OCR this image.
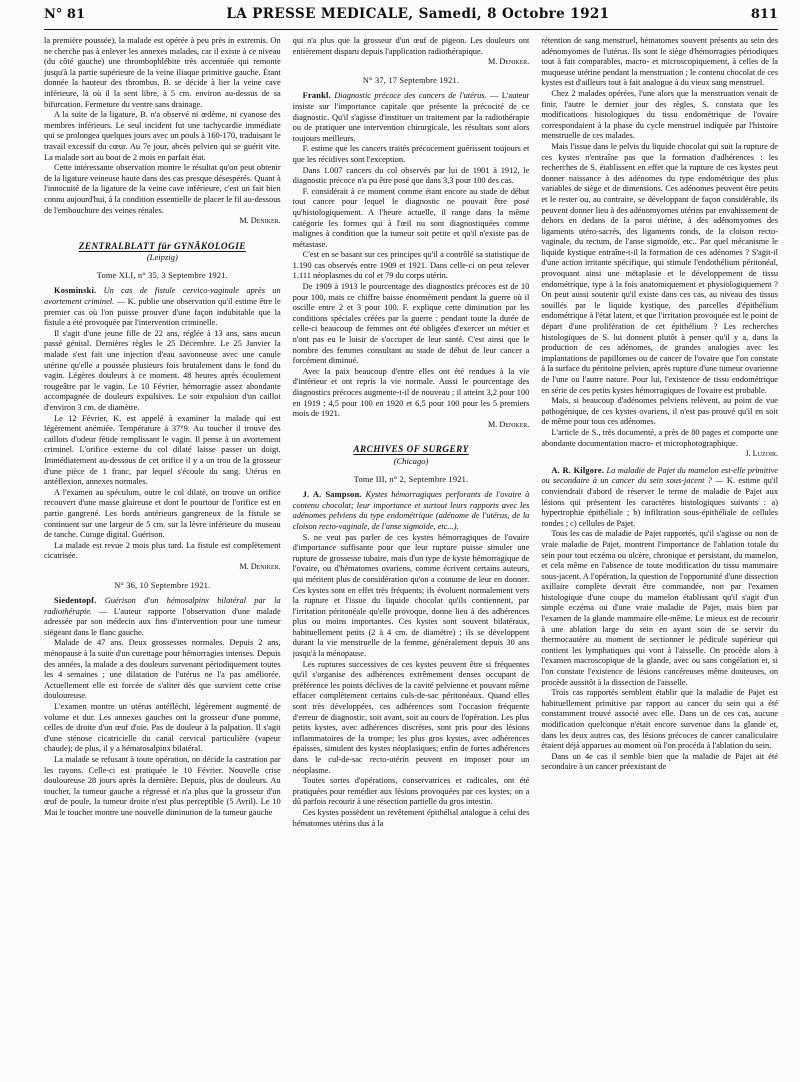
N° 81	LA PRESSE MEDICALE, Samedi, 8 Octobre 1921	811

la première poussée), la malade est opérée à peu près in extremis. On ne cherche pas à enlever les annexes malades, car il existe à ce niveau (du côté gauche) une thrombophlébite très accentuée qui remonte jusqu'à la partie supérieure de la veine iliaque primitive gauche. Étant donnée la hauteur des thrombus, B. se décide à lier la veine cave inférieure, là où il la sent libre, à 5 cm. environ au-dessus de sa bifurcation. Fermeture du ventre sans drainage.

A la suite de la ligature, B. n'a observé ni œdème, ni cyanose des membres inférieurs. Le seul incident fut une tachycardie immédiate qui se prolongea quelques jours avec un pouls à 160-170, traduisant le travail excessif du cœur. Au 7e jour, abcès pelvien qui se guérit vite. La malade sort au bout de 2 mois en parfait état.

Cette intéressante observation montre le résultat qu'on peut obtenir de la ligature veineuse haute dans des cas presque désespérés. Quant à l'innocuité de la ligature de la veine cave inférieure, c'est un fait bien connu aujourd'hui, à la condition essentielle de placer le fil au-dessous de l'embouchure des veines rénales.

M. Deniker.

ZENTRALBLATT für GYNÄKOLOGIE
(Leipzig)
Tome XLI, n° 35, 3 Septembre 1921.

Kosminski. Un cas de fistule cervico-vaginale après un avortement criminel. — K. publie une observation qu'il estime être le premier cas où l'on puisse prouver d'une façon indubitable que la fistule a été provoquée par l'intervention criminelle.

Il s'agit d'une jeune fille de 22 ans, réglée à 13 ans, sans aucun passé génital. Dernières règles le 25 Décembre. Le 25 Janvier la malade s'est fait une injection d'eau savonneuse avec une canule utérine qu'elle a poussée plusieurs fois brutalement dans le fond du vagin. Légères douleurs à ce moment. 48 heures après écoulement rougeâtre par le vagin. Le 10 Février, hémorragie assez abondante accompagnée de douleurs expulsives. Le soir expulsion d'un caillot d'environ 3 cm. de diamètre.

Le 12 Février, K. est appelé à examiner la malade qui est légèrement anémiée. Température à 37°9. Au toucher il trouve des caillots d'odeur fétide remplissant le vagin. Il pense à un avortement criminel. L'orifice externe du col dilaté laisse passer un doigt. Immédiatement au-dessous de cet orifice il y a un trou de la grosseur d'une pièce de 1 franc, par lequel s'écoule du sang. Utérus en antéflexion, annexes normales.

A l'examen au spéculum, outre le col dilaté, on trouve un orifice recouvert d'une masse glaireuse et dont le pourtour de l'orifice est en partie gangrené. Les bords antérieurs gangreneux de la fistule se continuent sur une largeur de 5 cm. sur la lèvre inférieure du museau de tanche. Curage digital. Guérison.

La malade est revue 2 mois plus tard. La fistule est complètement cicatrisée.

M. Deniker.

N° 36, 10 Septembre 1921.

Siedentopf. Guérison d'un hémosalpinx bilatéral par la radiothérapie. — L'auteur rapporte l'observation d'une malade adressée par son médecin aux fins d'intervention pour une tumeur siégeant dans le flanc gauche.

Malade de 47 ans. Deux grossesses normales. Depuis 2 ans, ménopause à la suite d'un curettage pour hémorragies intenses. Depuis des années, la malade a des douleurs survenant périodiquement toutes les 4 semaines ; une dilatation de l'utérus ne l'a pas améliorée. Actuellement elle est forcée de s'aliter dès que survient cette crise douloureuse.

L'examen montre un utérus antéfléchi, légèrement augmenté de volume et dur. Les annexes gauches ont la grosseur d'une pomme, celles de droite d'un œuf d'oie. Pas de douleur à la palpation. Il s'agit d'une sténose cicatricielle du canal cervical particulière (vapeur chaude); de plus, il y a hématosalpinx bilatéral.

La malade se refusant à toute opération, on décide la castration par les rayons. Celle-ci est pratiquée le 10 Février. Nouvelle crise douloureuse 28 jours après la dernière. Depuis, plus de douleurs. Au toucher, la tumeur gauche a régressé et n'a plus que la grosseur d'un œuf de poule, la tumeur droite n'est plus perceptible (5 Avril). Le 10 Mai le toucher montre une nouvelle diminution de la tumeur gauche

qui n'a plus que la grosseur d'un œuf de pigeon. Les douleurs ont entièrement disparu depuis l'application radiothérapique.

M. Deniker.

N° 37, 17 Septembre 1921.

Frankl. Diagnostic précoce des cancers de l'utérus. — L'auteur insiste sur l'importance capitale que présente la précocité de ce diagnostic. Qu'il s'agisse d'instituer un traitement par la radiothérapie ou de pratiquer une intervention chirurgicale, les résultats sont alors toujours meilleurs.

F. estime que les cancers traités précocement guérissent toujours et que les récidives sont l'exception.

Dans 1.007 cancers du col observés par lui de 1901 à 1912, le diagnostic précoce n'a pu être posé que dans 3,3 pour 100 des cas.

F. considérait à ce moment comme étant encore au stade de début tout cancer pour lequel le diagnostic ne pouvait être posé qu'histologiquement. A l'heure actuelle, il range dans la même catégorie les formes qui à l'œil nu sont diagnostiquées comme malignes à condition que la tumeur soit petite et qu'il n'existe pas de métastase.

C'est en se basant sur ces principes qu'il a contrôlé sa statistique de 1.190 cas observés entre 1909 et 1921. Dans celle-ci on peut relever 1.111 néoplasmes du col et 79 du corps utérin.

De 1909 à 1913 le pourcentage des diagnostics précoces est de 10 pour 100, mais ce chiffre baisse énormément pendant la guerre où il oscille entre 2 et 3 pour 100. F. explique cette diminution par les conditions spéciales créées par la guerre : pendant toute la durée de celle-ci beaucoup de femmes ont été obligées d'exercer un métier et n'ont pas eu le loisir de s'occuper de leur santé. C'est ainsi que le nombre des femmes consultant au stade de début de leur cancer a forcément diminué.

Avec la paix beaucoup d'entre elles ont été rendues à la vie d'intérieur et ont repris la vie normale. Aussi le pourcentage des diagnostics précoces augmente-t-il de nouveau ; il atteint 3,2 pour 100 en 1919 ; 4,5 pour 100 en 1920 et 6,5 pour 100 pour les 5 premiers mois de 1921.

M. Deniker.

ARCHIVES OF SURGERY
(Chicago)
Tome III, n° 2, Septembre 1921.

J. A. Sampson. Kystes hémorragiques perforants de l'ovaire à contenu chocolat; leur importance et surtout leurs rapports avec les adénomes pelviens du type endométrique (adénome de l'utérus, de la cloison recto-vaginale, de l'anse sigmoïde, etc...).

S. ne veut pas parler de ces kystes hémorragiques de l'ovaire d'importance suffisante pour que leur rupture puisse simuler une rupture de grossesse tubaire, mais d'un type de kyste hémorragique de l'ovaire, ou d'hématomes ovariens, comme écrivent certains auteurs, qui méritent plus de considération qu'on a coutume de leur en donner. Ces kystes sont en effet très fréquents; ils évoluent normalement vers la rupture et l'issue du liquide chocolat qu'ils contiennent, par l'irritation péritonéale qu'elle provoque, donne lieu à des adhérences plus ou moins importantes. Ces kystes sont souvent bilatéraux, habituellement petits (2 à 4 cm. de diamètre) ; ils se développent durant la vie menstruelle de la femme, généralement depuis 30 ans jusqu'à la ménopause.

Les ruptures successives de ces kystes peuvent être si fréquentes qu'il s'organise des adhérences extrêmement denses occupant de préférence les points déclives de la cavité pelvienne et pouvant même effacer complètement certains culs-de-sac péritonéaux. Quand elles sont très développées, ces adhérences sont l'occasion fréquente d'erreur de diagnostic, soit avant, soit au cours de l'opération. Les plus petits kystes, avec adhérences discrètes, sont pris pour des lésions inflammatoires de la trompe; les plus gros kystes, avec adhérences épaisses, simulent des kystes néoplasiques; enfin de fortes adhérences dans le cul-de-sac recto-utérin peuvent en imposer pour un néoplasme.

Toutes sortes d'opérations, conservatrices et radicales, ont été pratiquées pour remédier aux lésions provoquées par ces kystes; on a dû parfois recourir à une résection partielle du gros intestin.

Ces kystes possèdent un revêtement épithélial analogue à celui des hématomes utérins dus à la

rétention de sang menstruel, hématomes souvent présents au sein des adénomyomes de l'utérus. Ils sont le siège d'hémorragies périodiques tout à fait comparables, macro- et microscopiquement, à celles de la muqueuse utérine pendant la menstruation ; le contenu chocolat de ces kystes est d'ailleurs tout à fait analogue à du vieux sang menstruel.

Chez 2 malades opérées, l'une alors que la menstruation venait de finir, l'autre le dernier jour des règles, S. constata que les modifications histologiques du tissu endométrique de l'ovaire correspondaient à la phase du cycle menstruel indiquée par l'histoire menstruelle de ces malades.

Mais l'issue dans le pelvis du liquide chocolat qui suit la rupture de ces kystes n'entraîne pas que la formation d'adhérences : les recherches de S. établissent en effet que la rupture de ces kystes peut donner naissance à des adénomes du type endométrique des plus variables de siège et de dimensions. Ces adénomes peuvent être petits et le rester ou, au contraire, se développant de façon considérable, ils peuvent donner lieu à des adénomyomes utérins par envahissement de dehors en dedans de la paroi utérine, à des adénomyomes des ligaments utéro-sacrés, des ligaments ronds, de la cloison recto-vaginale, du rectum, de l'anse sigmoïde, etc.. Par quel mécanisme le liquide kystique entraîne-t-il la formation de ces adénomes ? S'agit-il d'une action irritante spécifique, qui stimule l'endothélium péritonéal, provoquant ainsi une métaplasie et le développement de tissu endométrique, type à la fois anatomiquement et physiologiquement ? On peut aussi soutenir qu'il existe dans ces cas, au niveau des tissus souillés par le liquide kystique, des parcelles d'épithélium endométrique à l'état latent, et que l'irritation provoquée est le point de départ d'une prolifération de cet épithélium ? Les recherches histologiques de S. lui donnent plutôt à penser qu'il y a, dans la production de ces adénomes, de grandes analogies avec les implantations de papillomes ou de cancer de l'ovaire que l'on constate à la surface du péritoine pelvien, après rupture d'une tumeur ovarienne de l'une ou l'autre nature. Pour lui, l'existence de tissu endométrique en série de ces petits kystes hémorragiques de l'ovaire est probable.

Mais, si beaucoup d'adénomes pelviens relèvent, au point de vue pathogénique, de ces kystes ovariens, il n'est pas prouvé qu'il en soit de même pour tous ces adénomes.

L'article de S., très documenté, a près de 80 pages et comporte une abondante documentation macro- et microphotographique.

J. Luzoir.

A. R. Kilgore. La maladie de Pajet du mamelon est-elle primitive ou secondaire à un cancer du sein sous-jacent ? — K. estime qu'il conviendrait d'abord de réserver le terme de maladie de Pajet aux lésions qui présentent les caractères histologiques suivants : a) hypertrophie épithéliale ; b) infiltration sous-épithéliale de cellules rondes ; c) cellules de Pajet.

Tous les cas de maladie de Pajet rapportés, qu'il s'agisse ou non de vraie maladie de Pajet, montrent l'importance de l'ablation totale du sein pour tout eczéma ou ulcère, chronique et persistant, du mamelon, et cela même en l'absence de toute modification du tissu mammaire sous-jacent. A l'opération, la question de l'opportunité d'une dissection axillaire complète devrait être commandée, non par l'examen histologique d'une coupe du mamelon établissant qu'il s'agit d'un simple eczéma ou d'une vraie maladie de Pajet, mais bien par l'examen de la glande mammaire elle-même. Le mieux est de recourir à une ablation large du sein en ayant soin de se servir du thermocautère au moment de sectionner le pédicule supérieur qui contient les lymphatiques qui vont à l'aisselle. On procède alors à l'examen macroscopique de la glande, avec ou sans congélation et, si l'on constate l'existence de lésions cancéreuses même douteuses, on procède aussitôt à la dissection de l'aisselle.

Trois cas rapportés semblent établir que la maladie de Pajet est habituellement primitive par rapport au cancer du sein qui a été constamment trouvé associé avec elle. Dans un de ces cas, aucune modification quelconque n'était encore survenue dans la glande et, dans les deux autres cas, des lésions précoces de cancer canaliculaire étaient déjà apparues au moment où l'on procéda à l'ablation du sein.

Dans un 4e cas il semble bien que la maladie de Pajet ait été secondaire à un cancer préexistant de
